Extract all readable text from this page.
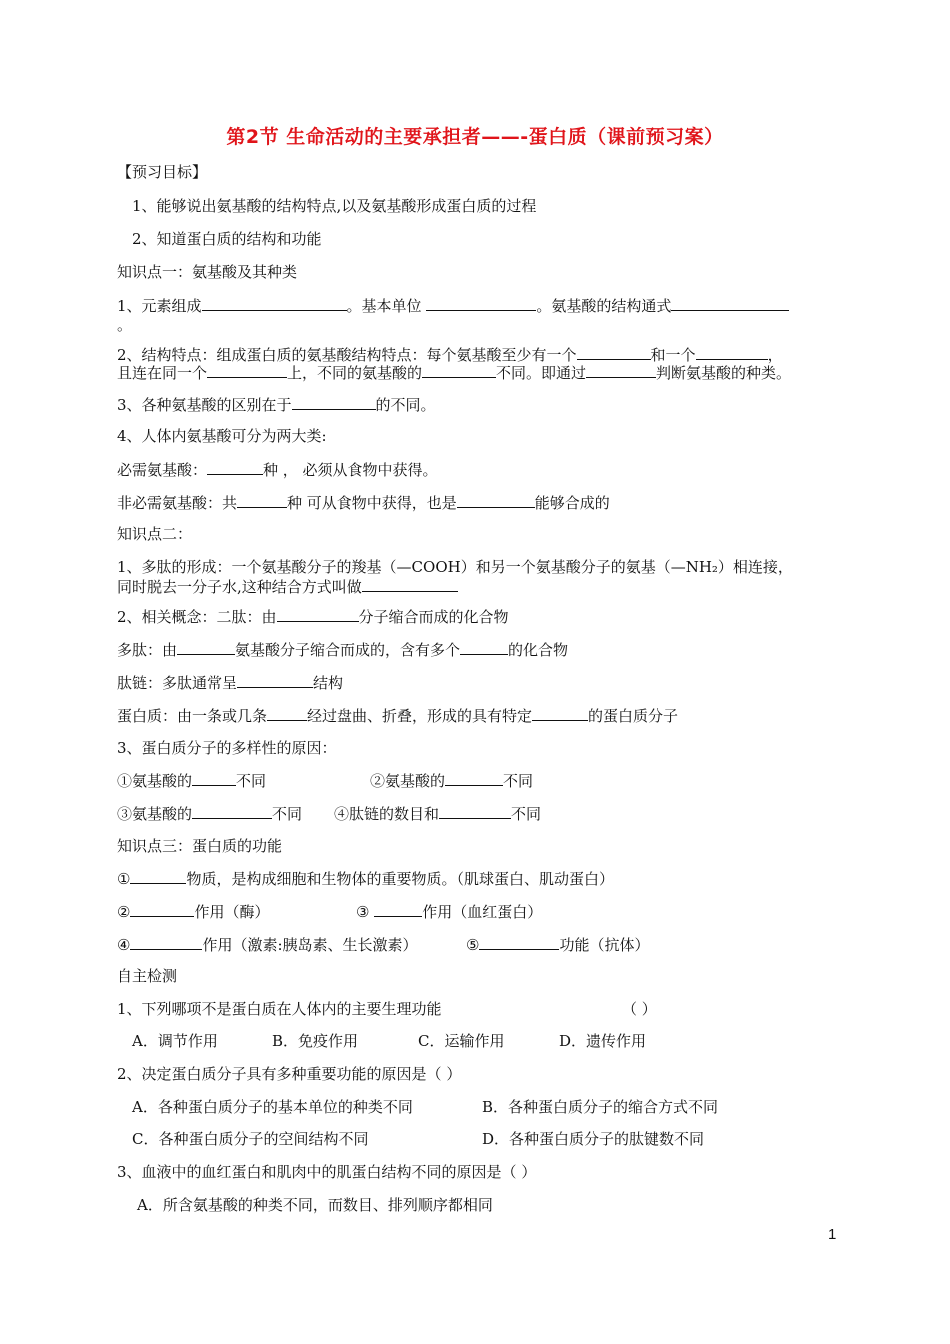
第2节 生命活动的主要承担者——-蛋白质（课前预习案）
【预习目标】
1、能够说出氨基酸的结构特点,以及氨基酸形成蛋白质的过程
2、知道蛋白质的结构和功能
知识点一：氨基酸及其种类
1、元素组成	。基本单位	。氨基酸的结构通式
。
2、结构特点：组成蛋白质的氨基酸结构特点：每个氨基酸至少有一个	和一个	，
且连在同一个	上，不同的氨基酸的	不同。即通过	判断氨基酸的种类。
3、各种氨基酸的区别在于	的不同。
4、人体内氨基酸可分为两大类:
必需氨基酸：	种 ， 必须从食物中获得。
非必需氨基酸：共	种 可从食物中获得，也是	能够合成的
知识点二：
1、多肽的形成：一个氨基酸分子的羧基（—COOH）和另一个氨基酸分子的氨基（—NH₂）相连接，
同时脱去一分子水,这种结合方式叫做
2、相关概念：二肽：由	分子缩合而成的化合物
多肽：由	氨基酸分子缩合而成的，含有多个	的化合物
肽链：多肽通常呈	结构
蛋白质：由一条或几条	经过盘曲、折叠，形成的具有特定	的蛋白质分子
3、蛋白质分子的多样性的原因：
①氨基酸的	不同	②氨基酸的	不同
③氨基酸的	不同 ④肽链的数目和	不同
知识点三：蛋白质的功能
①	物质，是构成细胞和生物体的重要物质。（肌球蛋白、肌动蛋白）
②	作用（酶）	③	作用（血红蛋白）
④	作用（激素:胰岛素、生长激素）	⑤	功能（抗体）
自主检测
1、下列哪项不是蛋白质在人体内的主要生理功能	（ ）
A．调节作用	B．免疫作用	C．运输作用	D．遗传作用
2、决定蛋白质分子具有多种重要功能的原因是（ ）
A．各种蛋白质分子的基本单位的种类不同	B．各种蛋白质分子的缩合方式不同
C．各种蛋白质分子的空间结构不同	D．各种蛋白质分子的肽键数不同
3、血液中的血红蛋白和肌肉中的肌蛋白结构不同的原因是（ ）
A．所含氨基酸的种类不同，而数目、排列顺序都相同
1
